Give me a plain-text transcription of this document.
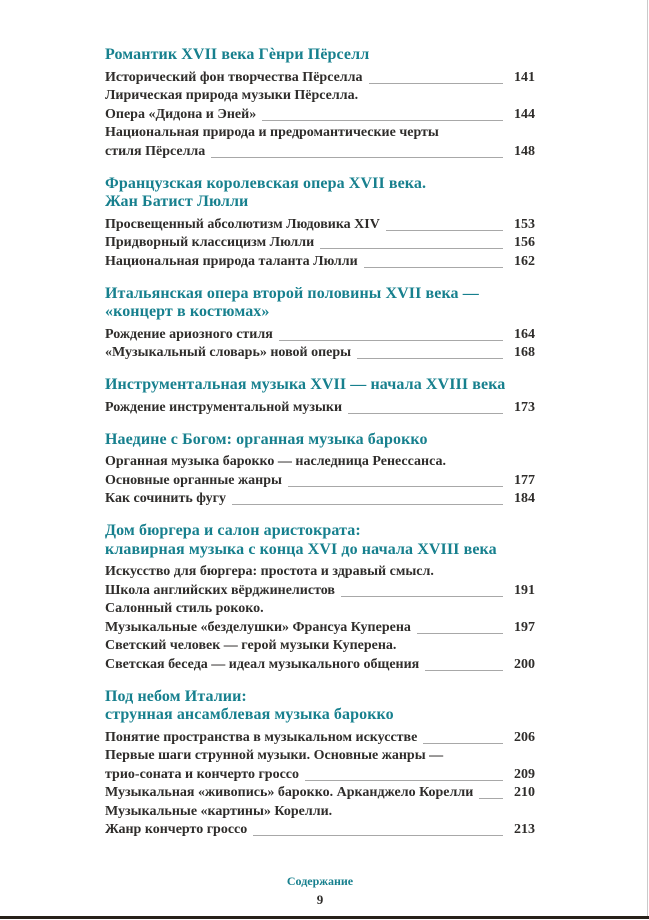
Романтик XVII века Гѐнри Пёрселл
Исторический фон творчества Пёрселла	141
Лирическая природа музыки Пёрселла.
Опера «Дидона и Эней»	144
Национальная природа и предромантические черты
стиля Пёрселла	148
Французская королевская опера XVII века.
Жан Батист Люлли
Просвещенный абсолютизм Людовика XIV	153
Придворный классицизм Люлли	156
Национальная природа таланта Люлли	162
Итальянская опера второй половины XVII века —
«концерт в костюмах»
Рождение ариозного стиля	164
«Музыкальный словарь» новой оперы	168
Инструментальная музыка XVII — начала XVIII века
Рождение инструментальной музыки	173
Наедине с Богом: органная музыка барокко
Органная музыка барокко — наследница Ренессанса.
Основные органные жанры	177
Как сочинить фугу	184
Дом бюргера и салон аристократа:
клавирная музыка с конца XVI до начала XVIII века
Искусство для бюргера: простота и здравый смысл.
Школа английских вёрджинелистов	191
Салонный стиль рококо.
Музыкальные «безделушки» Франсуа Куперена	197
Светский человек — герой музыки Куперена.
Светская беседа — идеал музыкального общения	200
Под небом Италии:
струнная ансамблевая музыка барокко
Понятие пространства в музыкальном искусстве	206
Первые шаги струнной музыки. Основные жанры —
трио-соната и кончерто гроссо	209
Музыкальная «живопись» барокко. Арканджело Корелли	210
Музыкальные «картины» Корелли.
Жанр кончерто гроссо	213
Содержание
9
